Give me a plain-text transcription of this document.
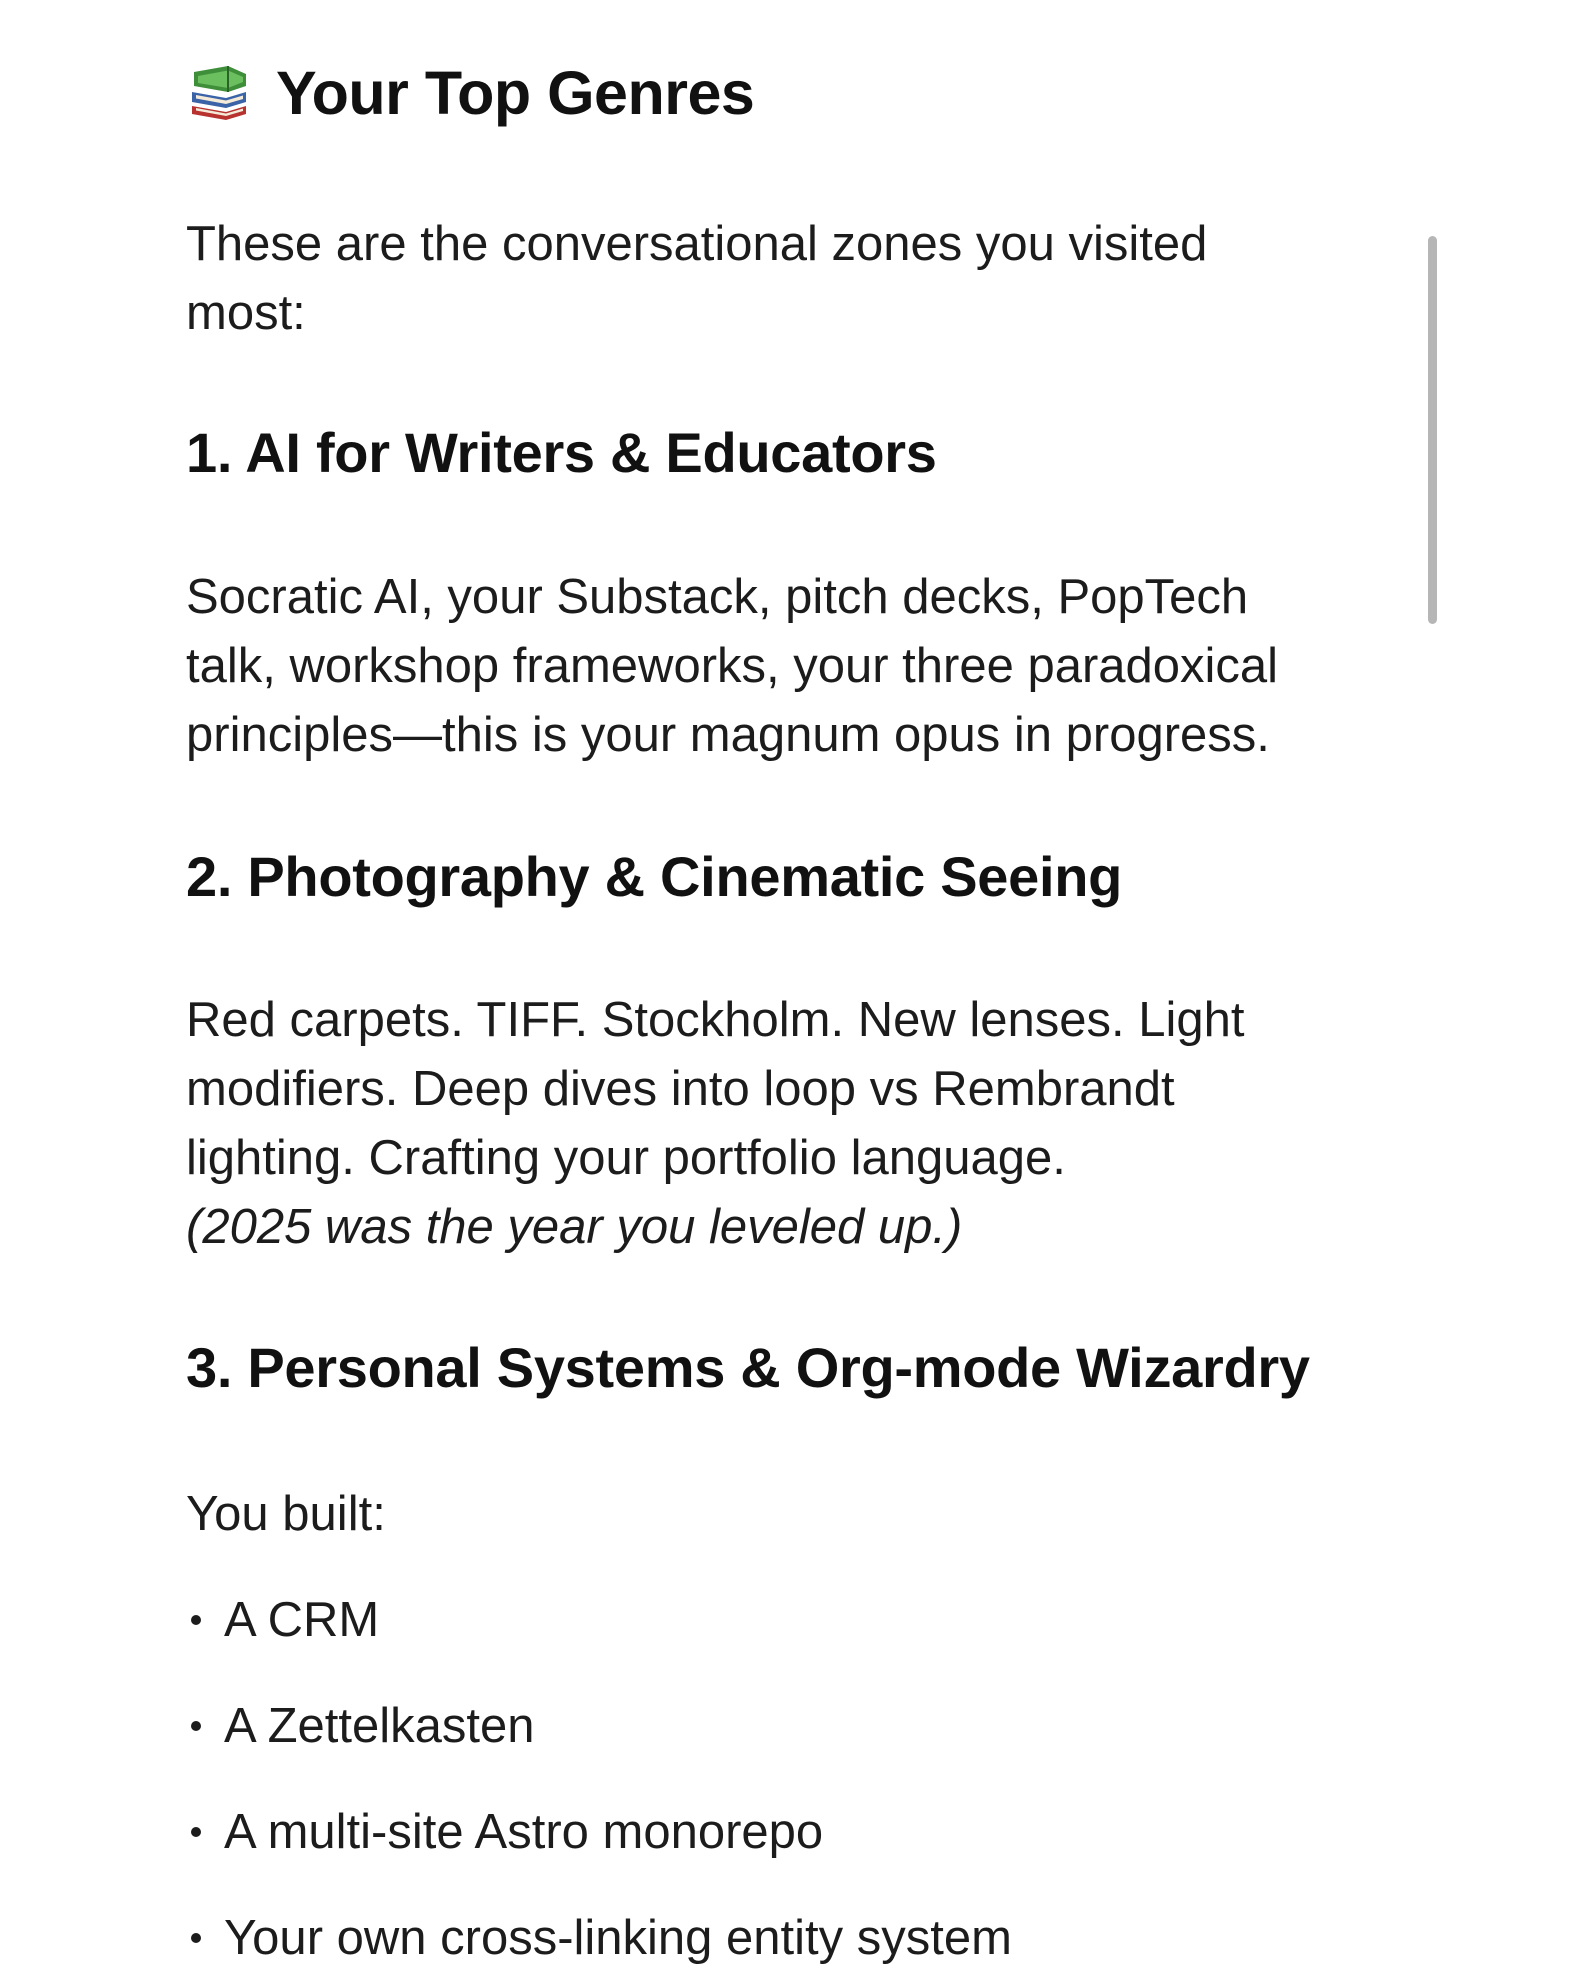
Your Top Genres

These are the conversational zones you visited
most:

1. AI for Writers & Educators

Socratic AI, your Substack, pitch decks, PopTech
talk, workshop frameworks, your three paradoxical
principles—this is your magnum opus in progress.

2. Photography & Cinematic Seeing

Red carpets. TIFF. Stockholm. New lenses. Light
modifiers. Deep dives into loop vs Rembrandt
lighting. Crafting your portfolio language.
(2025 was the year you leveled up.)

3. Personal Systems & Org-mode Wizardry

You built:

A CRM
A Zettelkasten
A multi-site Astro monorepo
Your own cross-linking entity system
